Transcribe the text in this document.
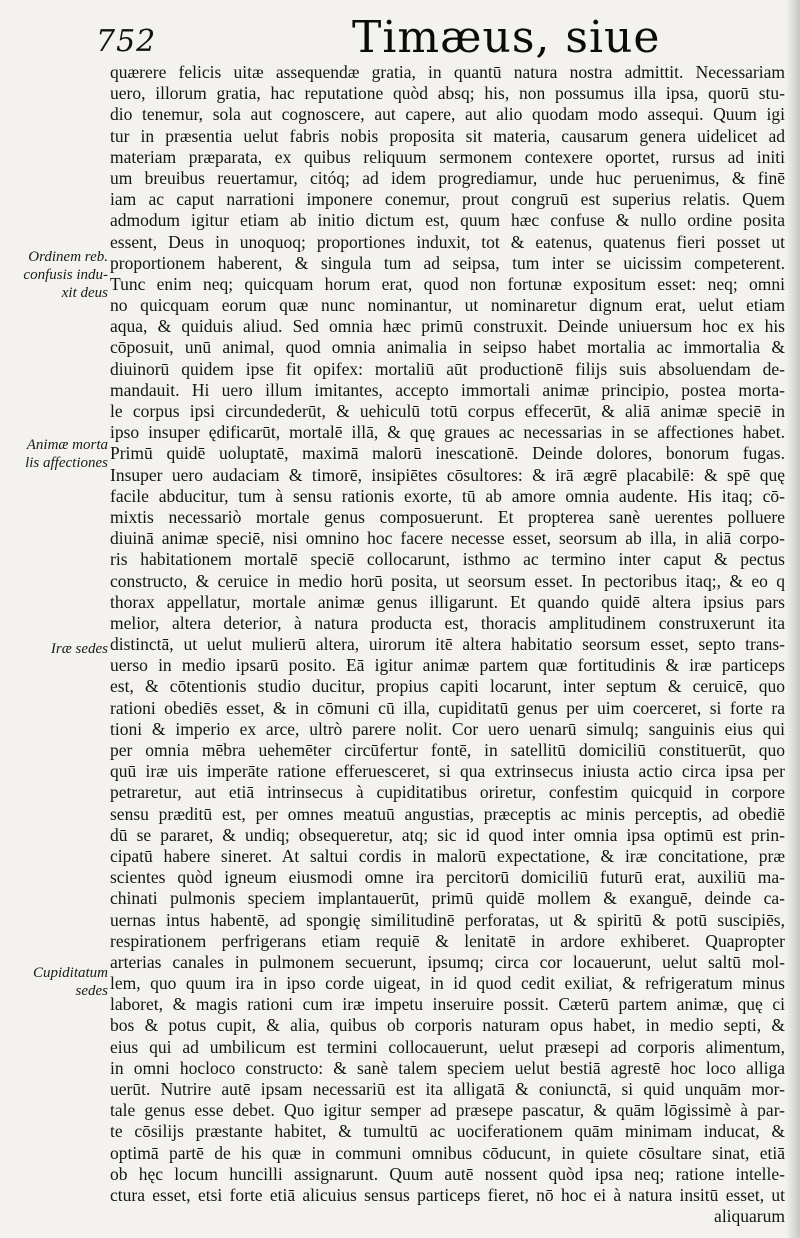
752	Timæus, siue
Ordinem reb.
confusis indu-
xit deus
Animæ morta
lis affectiones
Iræ sedes
Cupiditatum
sedes
quærere felicis uitæ assequendæ gratia, in quantū natura nostra admittit. Necessariam
uero, illorum gratia, hac reputatione quòd absq; his, non possumus illa ipsa, quorū stu-
dio tenemur, sola aut cognoscere, aut capere, aut alio quodam modo assequi. Quum igi
tur in præsentia uelut fabris nobis proposita sit materia, causarum genera uidelicet ad
materiam præparata, ex quibus reliquum sermonem contexere oportet, rursus ad initi
um breuibus reuertamur, citóq; ad idem progrediamur, unde huc peruenimus, & finē
iam ac caput narrationi imponere conemur, prout congruū est superius relatis. Quem
admodum igitur etiam ab initio dictum est, quum hæc confuse & nullo ordine posita
essent, Deus in unoquoq; proportiones induxit, tot & eatenus, quatenus fieri posset ut
proportionem haberent, & singula tum ad seipsa, tum inter se uicissim competerent.
Tunc enim neq; quicquam horum erat, quod non fortunæ expositum esset: neq; omni
no quicquam eorum quæ nunc nominantur, ut nominaretur dignum erat, uelut etiam
aqua, & quiduis aliud. Sed omnia hæc primū construxit. Deinde uniuersum hoc ex his
cōposuit, unū animal, quod omnia animalia in seipso habet mortalia ac immortalia &
diuinorū quidem ipse fit opifex: mortaliū aūt productionē filijs suis absoluendam de-
mandauit. Hi uero illum imitantes, accepto immortali animæ principio, postea morta-
le corpus ipsi circundederūt, & uehiculū totū corpus effecerūt, & aliā animæ speciē in
ipso insuper ędificarūt, mortalē illā, & quę graues ac necessarias in se affectiones habet.
Primū quidē uoluptatē, maximā malorū inescationē. Deinde dolores, bonorum fugas.
Insuper uero audaciam & timorē, insipiētes cōsultores: & irā ægrē placabilē: & spē quę
facile abducitur, tum à sensu rationis exorte, tū ab amore omnia audente. His itaq; cō-
mixtis necessariò mortale genus composuerunt. Et propterea sanè uerentes polluere
diuinā animæ speciē, nisi omnino hoc facere necesse esset, seorsum ab illa, in aliā corpo-
ris habitationem mortalē speciē collocarunt, isthmo ac termino inter caput & pectus
constructo, & ceruice in medio horū posita, ut seorsum esset. In pectoribus itaq;, & eo q
thorax appellatur, mortale animæ genus illigarunt. Et quando quidē altera ipsius pars
melior, altera deterior, à natura producta est, thoracis amplitudinem construxerunt ita
distinctā, ut uelut mulierū altera, uirorum itē altera habitatio seorsum esset, septo trans-
uerso in medio ipsarū posito. Eā igitur animæ partem quæ fortitudinis & iræ particeps
est, & cōtentionis studio ducitur, propius capiti locarunt, inter septum & ceruicē, quo
rationi obediēs esset, & in cōmuni cū illa, cupiditatū genus per uim coerceret, si forte ra
tioni & imperio ex arce, ultrò parere nolit. Cor uero uenarū simulq; sanguinis eius qui
per omnia mēbra uehemēter circūfertur fontē, in satellitū domiciliū constituerūt, quo
quū iræ uis imperāte ratione efferuesceret, si qua extrinsecus iniusta actio circa ipsa per
petraretur, aut etiā intrinsecus à cupiditatibus oriretur, confestim quicquid in corpore
sensu præditū est, per omnes meatuū angustias, præceptis ac minis perceptis, ad obediē
dū se pararet, & undiq; obsequeretur, atq; sic id quod inter omnia ipsa optimū est prin-
cipatū habere sineret. At saltui cordis in malorū expectatione, & iræ concitatione, præ
scientes quòd igneum eiusmodi omne ira percitorū domiciliū futurū erat, auxiliū ma-
chinati pulmonis speciem implantauerūt, primū quidē mollem & exanguē, deinde ca-
uernas intus habentē, ad spongię similitudinē perforatas, ut & spiritū & potū suscipiēs,
respirationem perfrigerans etiam requiē & lenitatē in ardore exhiberet. Quapropter
arterias canales in pulmonem secuerunt, ipsumq; circa cor locauerunt, uelut saltū mol-
lem, quo quum ira in ipso corde uigeat, in id quod cedit exiliat, & refrigeratum minus
laboret, & magis rationi cum iræ impetu inseruire possit. Cæterū partem animæ, quę ci
bos & potus cupit, & alia, quibus ob corporis naturam opus habet, in medio septi, &
eius qui ad umbilicum est termini collocauerunt, uelut præsepi ad corporis alimentum,
in omni hocloco constructo: & sanè talem speciem uelut bestiā agrestē hoc loco alliga
uerūt. Nutrire autē ipsam necessariū est ita alligatā & coniunctā, si quid unquām mor-
tale genus esse debet. Quo igitur semper ad præsepe pascatur, & quām lōgissimè à par-
te cōsilijs præstante habitet, & tumultū ac uociferationem quām minimam inducat, &
optimā partē de his quæ in communi omnibus cōducunt, in quiete cōsultare sinat, etiā
ob hęc locum huncilli assignarunt. Quum autē nossent quòd ipsa neq; ratione intelle-
ctura esset, etsi forte etiā alicuius sensus particeps fieret, nō hoc ei à natura insitū esset, ut
aliquarum
